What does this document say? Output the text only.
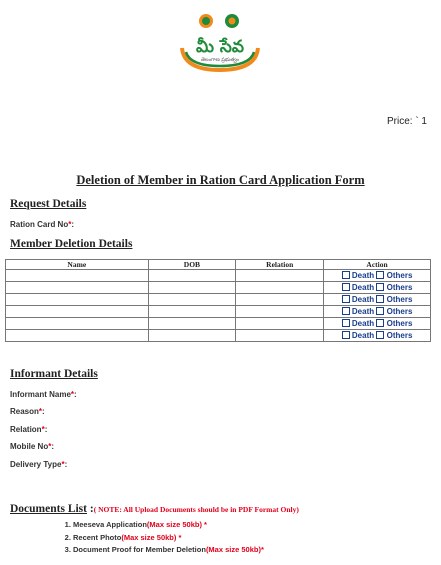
మీ సేవ
తెలంగాణ ప్రభుత్వం
Price: ` 1
Deletion of Member in Ration Card Application Form
Request Details
Ration Card No*:
Member Deletion Details
Name	DOB	Relation	Action
			Death Others
			Death Others
			Death Others
			Death Others
			Death Others
			Death Others
Informant Details
Informant Name*:
Reason*:
Relation*:
Mobile No*:
Delivery Type*:
Documents List :( NOTE: All Upload Documents should be in PDF Format Only)
1. Meeseva Application(Max size 50kb) *
2. Recent Photo(Max size 50kb) *
3. Document Proof for Member Deletion(Max size 50kb)*
